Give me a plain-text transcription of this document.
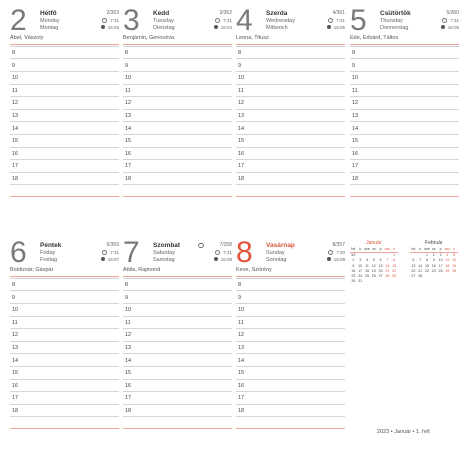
2 Hétfő
Monday
Montag
2/363
7:31
16:03
Ábel, Vászoly
8
9
10
11
12
13
14
15
16
17
18
3 Kedd
Tuesday
Dienstag
3/362
7:31
16:04
Benjámin, Genovéva
8
9
10
11
12
13
14
15
16
17
18
4 Szerda
Wednesday
Mittwoch
4/361
7:31
16:05
Leona, Titusz
8
9
10
11
12
13
14
15
16
17
18
5 Csütörtök
Thursday
Donnerstag
5/360
7:31
16:06
Ede, Edvárd, Táltos
8
9
10
11
12
13
14
15
16
17
18
6 Péntek
Friday
Freitag
6/359
7:31
16:07
Boldizsár, Gáspár
8
9
10
11
12
13
14
15
16
17
18
7 Szombat
Saturday
Samstag
7/358
7:31
16:08
Attila, Rajmond
8
9
10
11
12
13
14
15
16
17
18
8 Vasárnap
Sunday
Sonntag
8/357
7:30
16:09
Keve, Szörény
8
9
10
11
12
13
14
15
16
17
18
Január
hé	k	sze	cs	p	szo	v
52						1
2	3	4	5	6	7	8
9	10	11	12	13	14	15
16	17	18	19	20	21	22
23	24	25	26	27	28	29
30	31					
Február
hé	k	sze	cs	p	szo	v
		1	2	3	4	5
6	7	8	9	10	11	12
13	14	15	16	17	18	19
20	21	22	23	24	25	26
27	28					
2023 • Január • 1. hét
